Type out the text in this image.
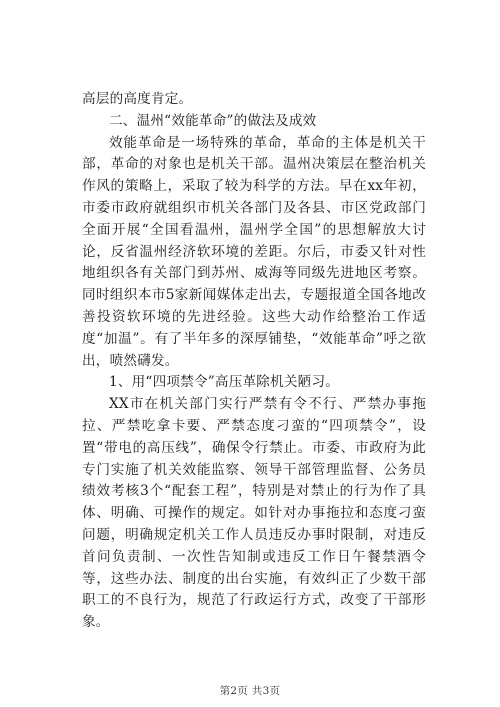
高层的高度肯定。

二、温州“效能革命”的做法及成效

效能革命是一场特殊的革命，革命的主体是机关干部，革命的对象也是机关干部。温州决策层在整治机关作风的策略上，采取了较为科学的方法。早在xx年初，市委市政府就组织市机关各部门及各县、市区党政部门全面开展“全国看温州，温州学全国”的思想解放大讨论，反省温州经济软环境的差距。尔后，市委又针对性地组织各有关部门到苏州、威海等同级先进地区考察。同时组织本市5家新闻媒体走出去，专题报道全国各地改善投资软环境的先进经验。这些大动作给整治工作适度“加温”。有了半年多的深厚铺垫，“效能革命”呼之欲出，喷然礴发。

1、用“四项禁令”高压革除机关陋习。

XX市在机关部门实行严禁有令不行、严禁办事拖拉、严禁吃拿卡要、严禁态度刁蛮的“四项禁令”，设置“带电的高压线”，确保令行禁止。市委、市政府为此专门实施了机关效能监察、领导干部管理监督、公务员绩效考核3个“配套工程”，特别是对禁止的行为作了具体、明确、可操作的规定。如针对办事拖拉和态度刁蛮问题，明确规定机关工作人员违反办事时限制，对违反首问负责制、一次性告知制或违反工作日午餐禁酒令等，这些办法、制度的出台实施，有效纠正了少数干部职工的不良行为，规范了行政运行方式，改变了干部形象。

第2页 共3页
